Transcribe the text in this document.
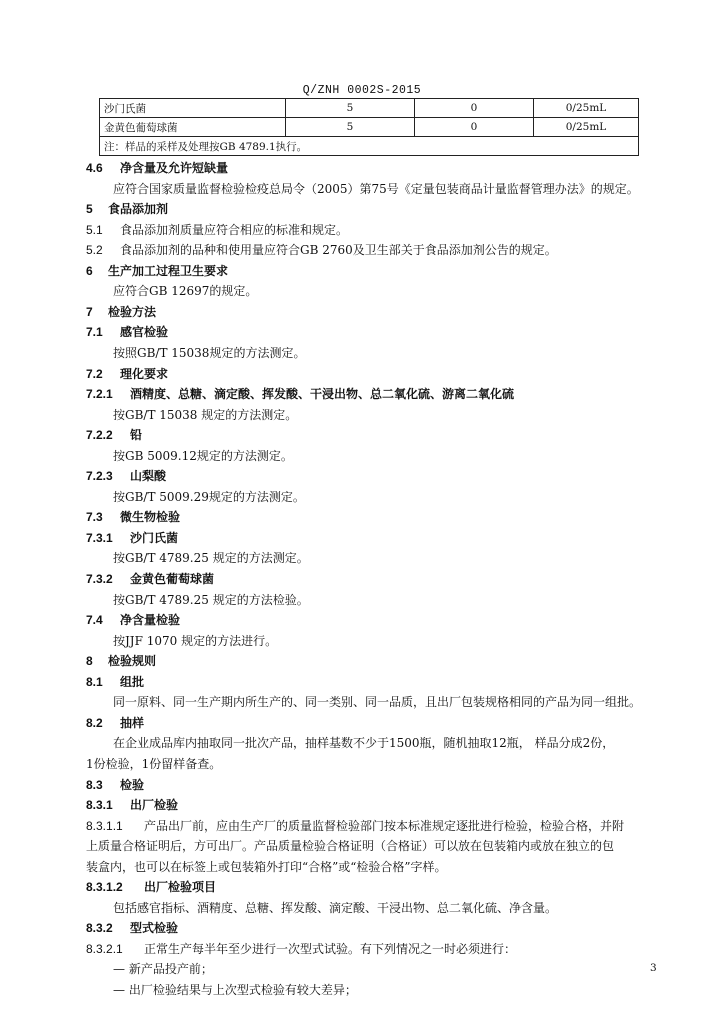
Q/ZNH 0002S-2015
沙门氏菌	5	0	0/25mL
金黄色葡萄球菌	5	0	0/25mL
注：样品的采样及处理按GB 4789.1执行。			
4.6 净含量及允许短缺量
应符合国家质量监督检验检疫总局令（2005）第75号《定量包装商品计量监督管理办法》的规定。
5 食品添加剂
5.1 食品添加剂质量应符合相应的标准和规定。
5.2 食品添加剂的品种和使用量应符合GB 2760及卫生部关于食品添加剂公告的规定。
6 生产加工过程卫生要求
应符合GB 12697的规定。
7 检验方法
7.1 感官检验
按照GB/T 15038规定的方法测定。
7.2 理化要求
7.2.1 酒精度、总糖、滴定酸、挥发酸、干浸出物、总二氧化硫、游离二氧化硫
按GB/T 15038 规定的方法测定。
7.2.2 铅
按GB 5009.12规定的方法测定。
7.2.3 山梨酸
按GB/T 5009.29规定的方法测定。
7.3 微生物检验
7.3.1 沙门氏菌
按GB/T 4789.25 规定的方法测定。
7.3.2 金黄色葡萄球菌
按GB/T 4789.25 规定的方法检验。
7.4 净含量检验
按JJF 1070 规定的方法进行。
8 检验规则
8.1 组批
同一原料、同一生产期内所生产的、同一类别、同一品质，且出厂包装规格相同的产品为同一组批。
8.2 抽样
在企业成品库内抽取同一批次产品，抽样基数不少于1500瓶，随机抽取12瓶， 样品分成2份，
1份检验，1份留样备查。
8.3 检验
8.3.1 出厂检验
8.3.1.1 产品出厂前，应由生产厂的质量监督检验部门按本标准规定逐批进行检验，检验合格，并附
上质量合格证明后，方可出厂。产品质量检验合格证明（合格证）可以放在包装箱内或放在独立的包
装盒内，也可以在标签上或包装箱外打印“合格”或“检验合格”字样。
8.3.1.2 出厂检验项目
包括感官指标、酒精度、总糖、挥发酸、滴定酸、干浸出物、总二氧化硫、净含量。
8.3.2 型式检验
8.3.2.1 正常生产每半年至少进行一次型式试验。有下列情况之一时必须进行：
— 新产品投产前；
— 出厂检验结果与上次型式检验有较大差异；
3
